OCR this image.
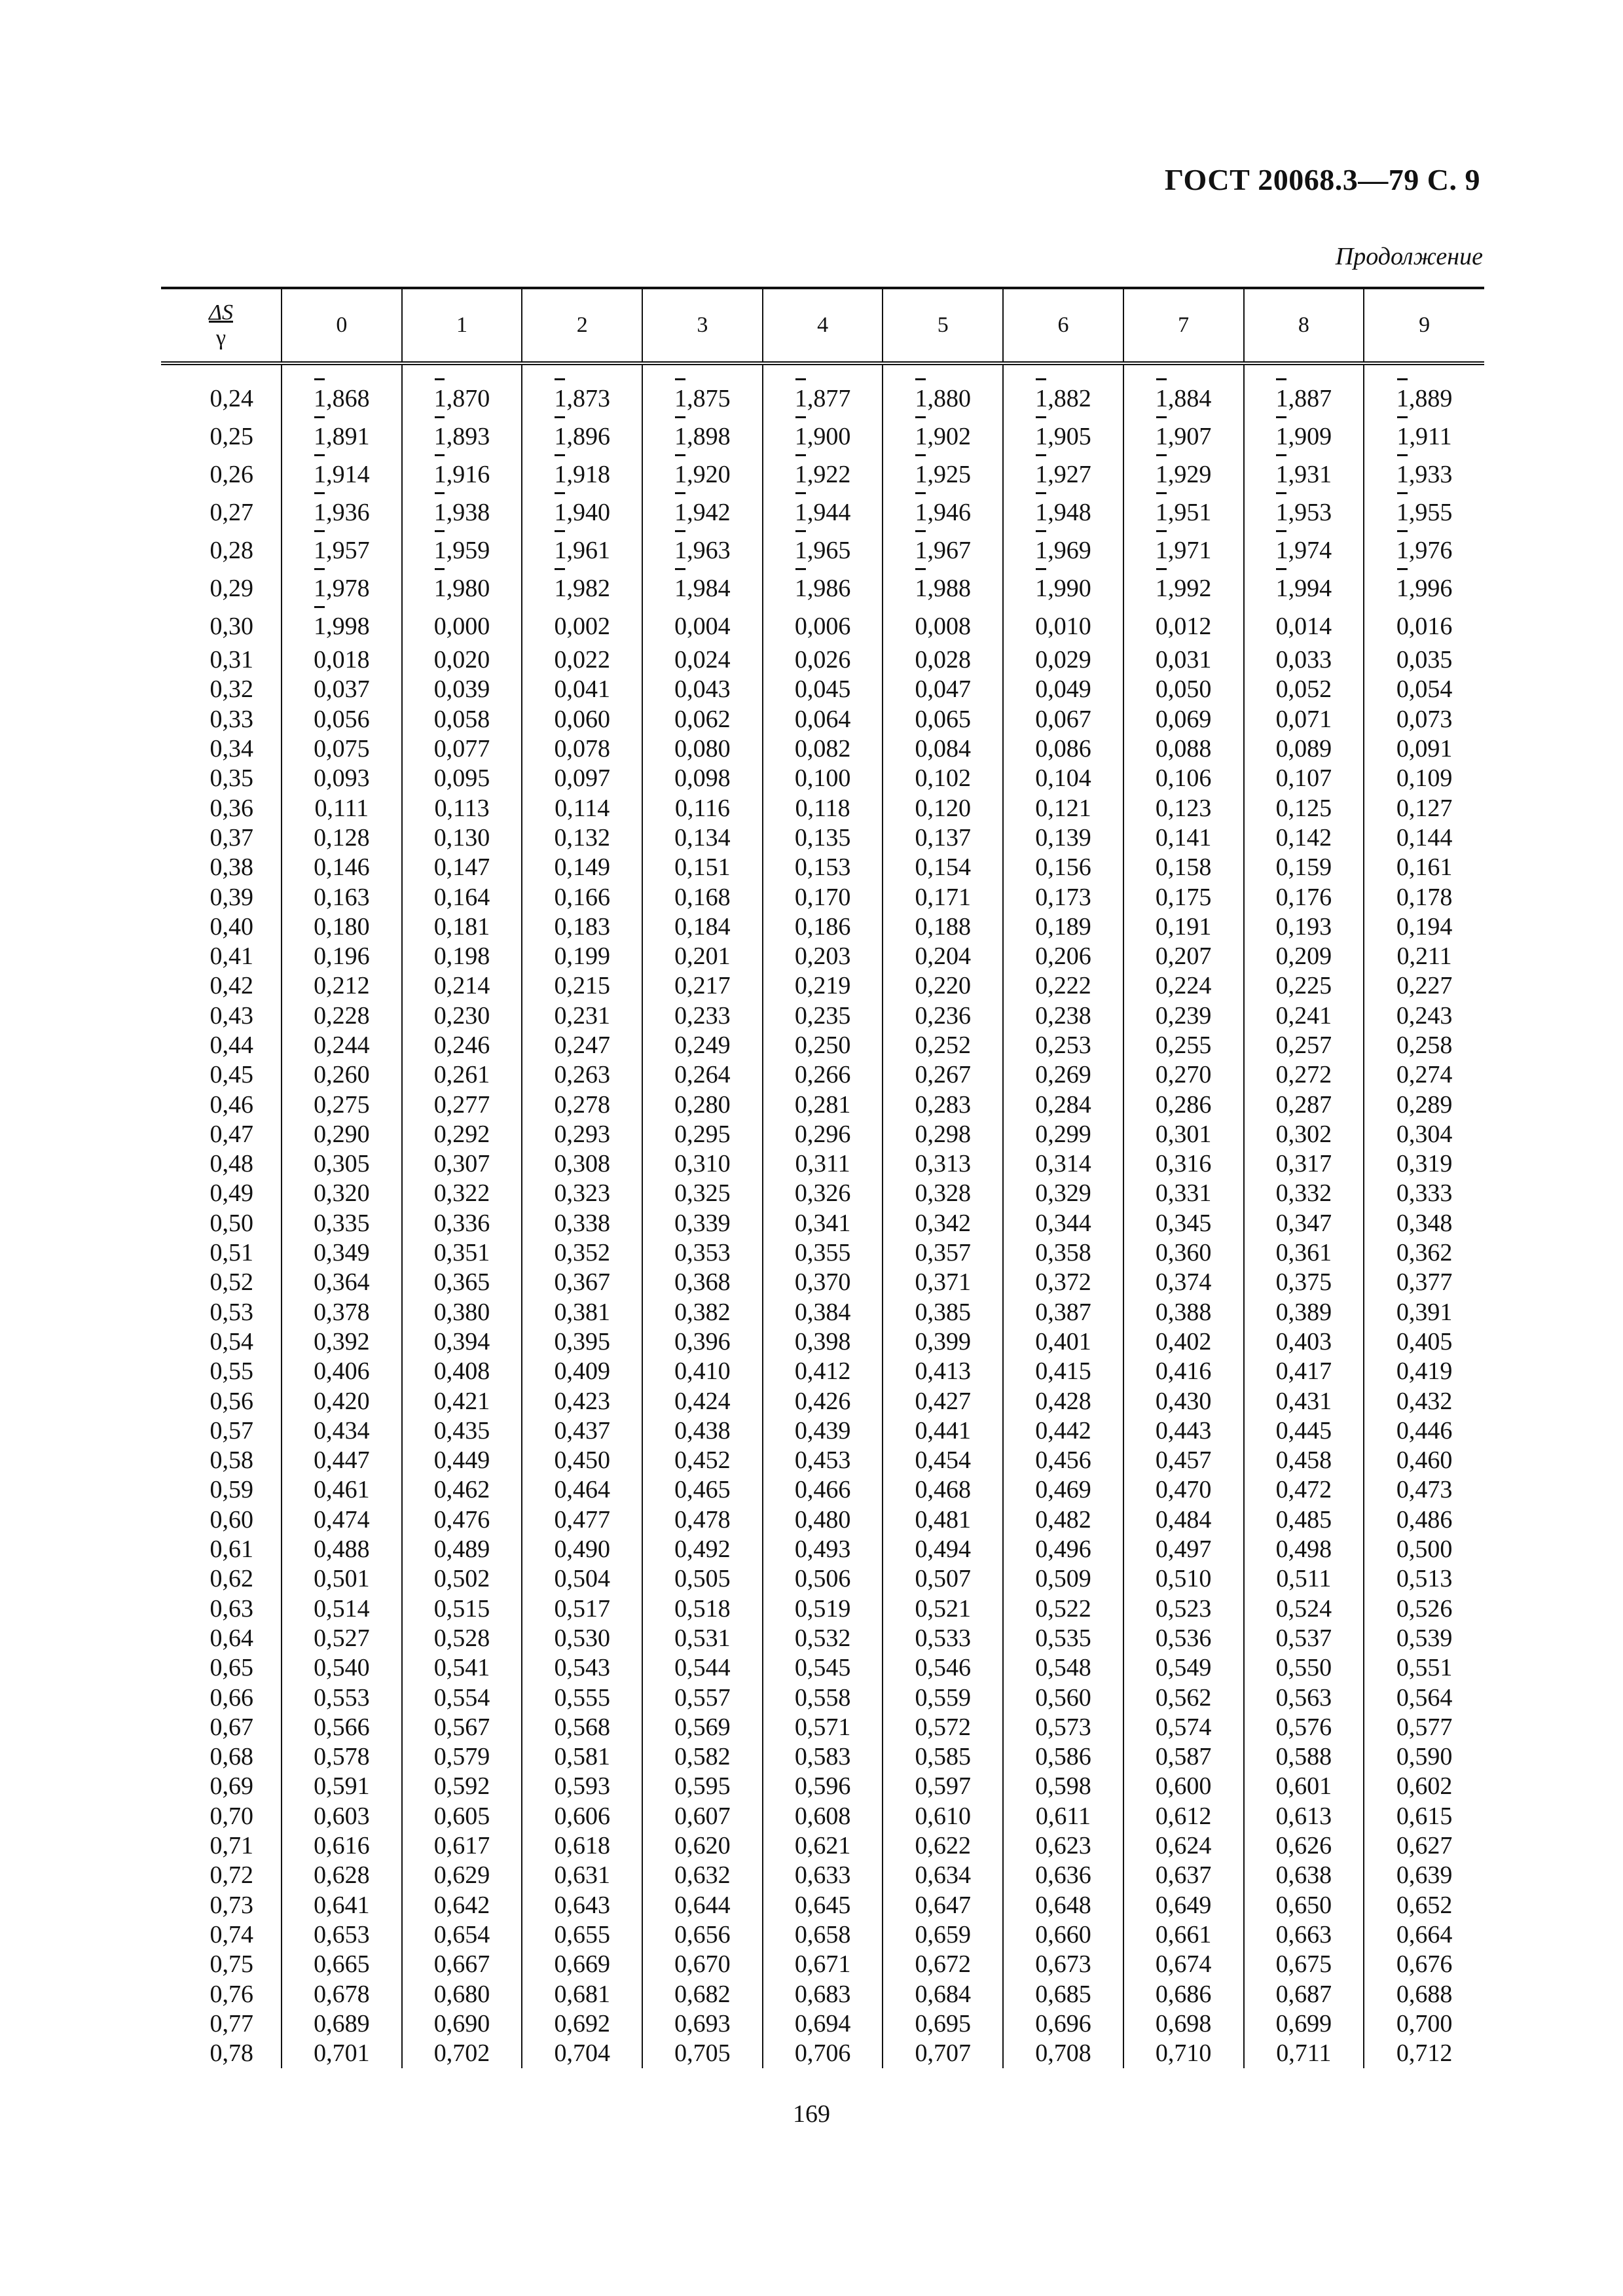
ГОСТ 20068.3—79 С. 9
Продолжение
$\frac{\Delta S}{\gamma}$	0	1	2	3	4	5	6	7	8	9
0,24	1,868	1,870	1,873	1,875	1,877	1,880	1,882	1,884	1,887	1,889
0,25	1,891	1,893	1,896	1,898	1,900	1,902	1,905	1,907	1,909	1,911
0,26	1,914	1,916	1,918	1,920	1,922	1,925	1,927	1,929	1,931	1,933
0,27	1,936	1,938	1,940	1,942	1,944	1,946	1,948	1,951	1,953	1,955
0,28	1,957	1,959	1,961	1,963	1,965	1,967	1,969	1,971	1,974	1,976
0,29	1,978	1,980	1,982	1,984	1,986	1,988	1,990	1,992	1,994	1,996
0,30	1,998	0,000	0,002	0,004	0,006	0,008	0,010	0,012	0,014	0,016
0,31	0,018	0,020	0,022	0,024	0,026	0,028	0,029	0,031	0,033	0,035
0,32	0,037	0,039	0,041	0,043	0,045	0,047	0,049	0,050	0,052	0,054
0,33	0,056	0,058	0,060	0,062	0,064	0,065	0,067	0,069	0,071	0,073
0,34	0,075	0,077	0,078	0,080	0,082	0,084	0,086	0,088	0,089	0,091
0,35	0,093	0,095	0,097	0,098	0,100	0,102	0,104	0,106	0,107	0,109
0,36	0,111	0,113	0,114	0,116	0,118	0,120	0,121	0,123	0,125	0,127
0,37	0,128	0,130	0,132	0,134	0,135	0,137	0,139	0,141	0,142	0,144
0,38	0,146	0,147	0,149	0,151	0,153	0,154	0,156	0,158	0,159	0,161
0,39	0,163	0,164	0,166	0,168	0,170	0,171	0,173	0,175	0,176	0,178
0,40	0,180	0,181	0,183	0,184	0,186	0,188	0,189	0,191	0,193	0,194
0,41	0,196	0,198	0,199	0,201	0,203	0,204	0,206	0,207	0,209	0,211
0,42	0,212	0,214	0,215	0,217	0,219	0,220	0,222	0,224	0,225	0,227
0,43	0,228	0,230	0,231	0,233	0,235	0,236	0,238	0,239	0,241	0,243
0,44	0,244	0,246	0,247	0,249	0,250	0,252	0,253	0,255	0,257	0,258
0,45	0,260	0,261	0,263	0,264	0,266	0,267	0,269	0,270	0,272	0,274
0,46	0,275	0,277	0,278	0,280	0,281	0,283	0,284	0,286	0,287	0,289
0,47	0,290	0,292	0,293	0,295	0,296	0,298	0,299	0,301	0,302	0,304
0,48	0,305	0,307	0,308	0,310	0,311	0,313	0,314	0,316	0,317	0,319
0,49	0,320	0,322	0,323	0,325	0,326	0,328	0,329	0,331	0,332	0,333
0,50	0,335	0,336	0,338	0,339	0,341	0,342	0,344	0,345	0,347	0,348
0,51	0,349	0,351	0,352	0,353	0,355	0,357	0,358	0,360	0,361	0,362
0,52	0,364	0,365	0,367	0,368	0,370	0,371	0,372	0,374	0,375	0,377
0,53	0,378	0,380	0,381	0,382	0,384	0,385	0,387	0,388	0,389	0,391
0,54	0,392	0,394	0,395	0,396	0,398	0,399	0,401	0,402	0,403	0,405
0,55	0,406	0,408	0,409	0,410	0,412	0,413	0,415	0,416	0,417	0,419
0,56	0,420	0,421	0,423	0,424	0,426	0,427	0,428	0,430	0,431	0,432
0,57	0,434	0,435	0,437	0,438	0,439	0,441	0,442	0,443	0,445	0,446
0,58	0,447	0,449	0,450	0,452	0,453	0,454	0,456	0,457	0,458	0,460
0,59	0,461	0,462	0,464	0,465	0,466	0,468	0,469	0,470	0,472	0,473
0,60	0,474	0,476	0,477	0,478	0,480	0,481	0,482	0,484	0,485	0,486
0,61	0,488	0,489	0,490	0,492	0,493	0,494	0,496	0,497	0,498	0,500
0,62	0,501	0,502	0,504	0,505	0,506	0,507	0,509	0,510	0,511	0,513
0,63	0,514	0,515	0,517	0,518	0,519	0,521	0,522	0,523	0,524	0,526
0,64	0,527	0,528	0,530	0,531	0,532	0,533	0,535	0,536	0,537	0,539
0,65	0,540	0,541	0,543	0,544	0,545	0,546	0,548	0,549	0,550	0,551
0,66	0,553	0,554	0,555	0,557	0,558	0,559	0,560	0,562	0,563	0,564
0,67	0,566	0,567	0,568	0,569	0,571	0,572	0,573	0,574	0,576	0,577
0,68	0,578	0,579	0,581	0,582	0,583	0,585	0,586	0,587	0,588	0,590
0,69	0,591	0,592	0,593	0,595	0,596	0,597	0,598	0,600	0,601	0,602
0,70	0,603	0,605	0,606	0,607	0,608	0,610	0,611	0,612	0,613	0,615
0,71	0,616	0,617	0,618	0,620	0,621	0,622	0,623	0,624	0,626	0,627
0,72	0,628	0,629	0,631	0,632	0,633	0,634	0,636	0,637	0,638	0,639
0,73	0,641	0,642	0,643	0,644	0,645	0,647	0,648	0,649	0,650	0,652
0,74	0,653	0,654	0,655	0,656	0,658	0,659	0,660	0,661	0,663	0,664
0,75	0,665	0,667	0,669	0,670	0,671	0,672	0,673	0,674	0,675	0,676
0,76	0,678	0,680	0,681	0,682	0,683	0,684	0,685	0,686	0,687	0,688
0,77	0,689	0,690	0,692	0,693	0,694	0,695	0,696	0,698	0,699	0,700
0,78	0,701	0,702	0,704	0,705	0,706	0,707	0,708	0,710	0,711	0,712
169
